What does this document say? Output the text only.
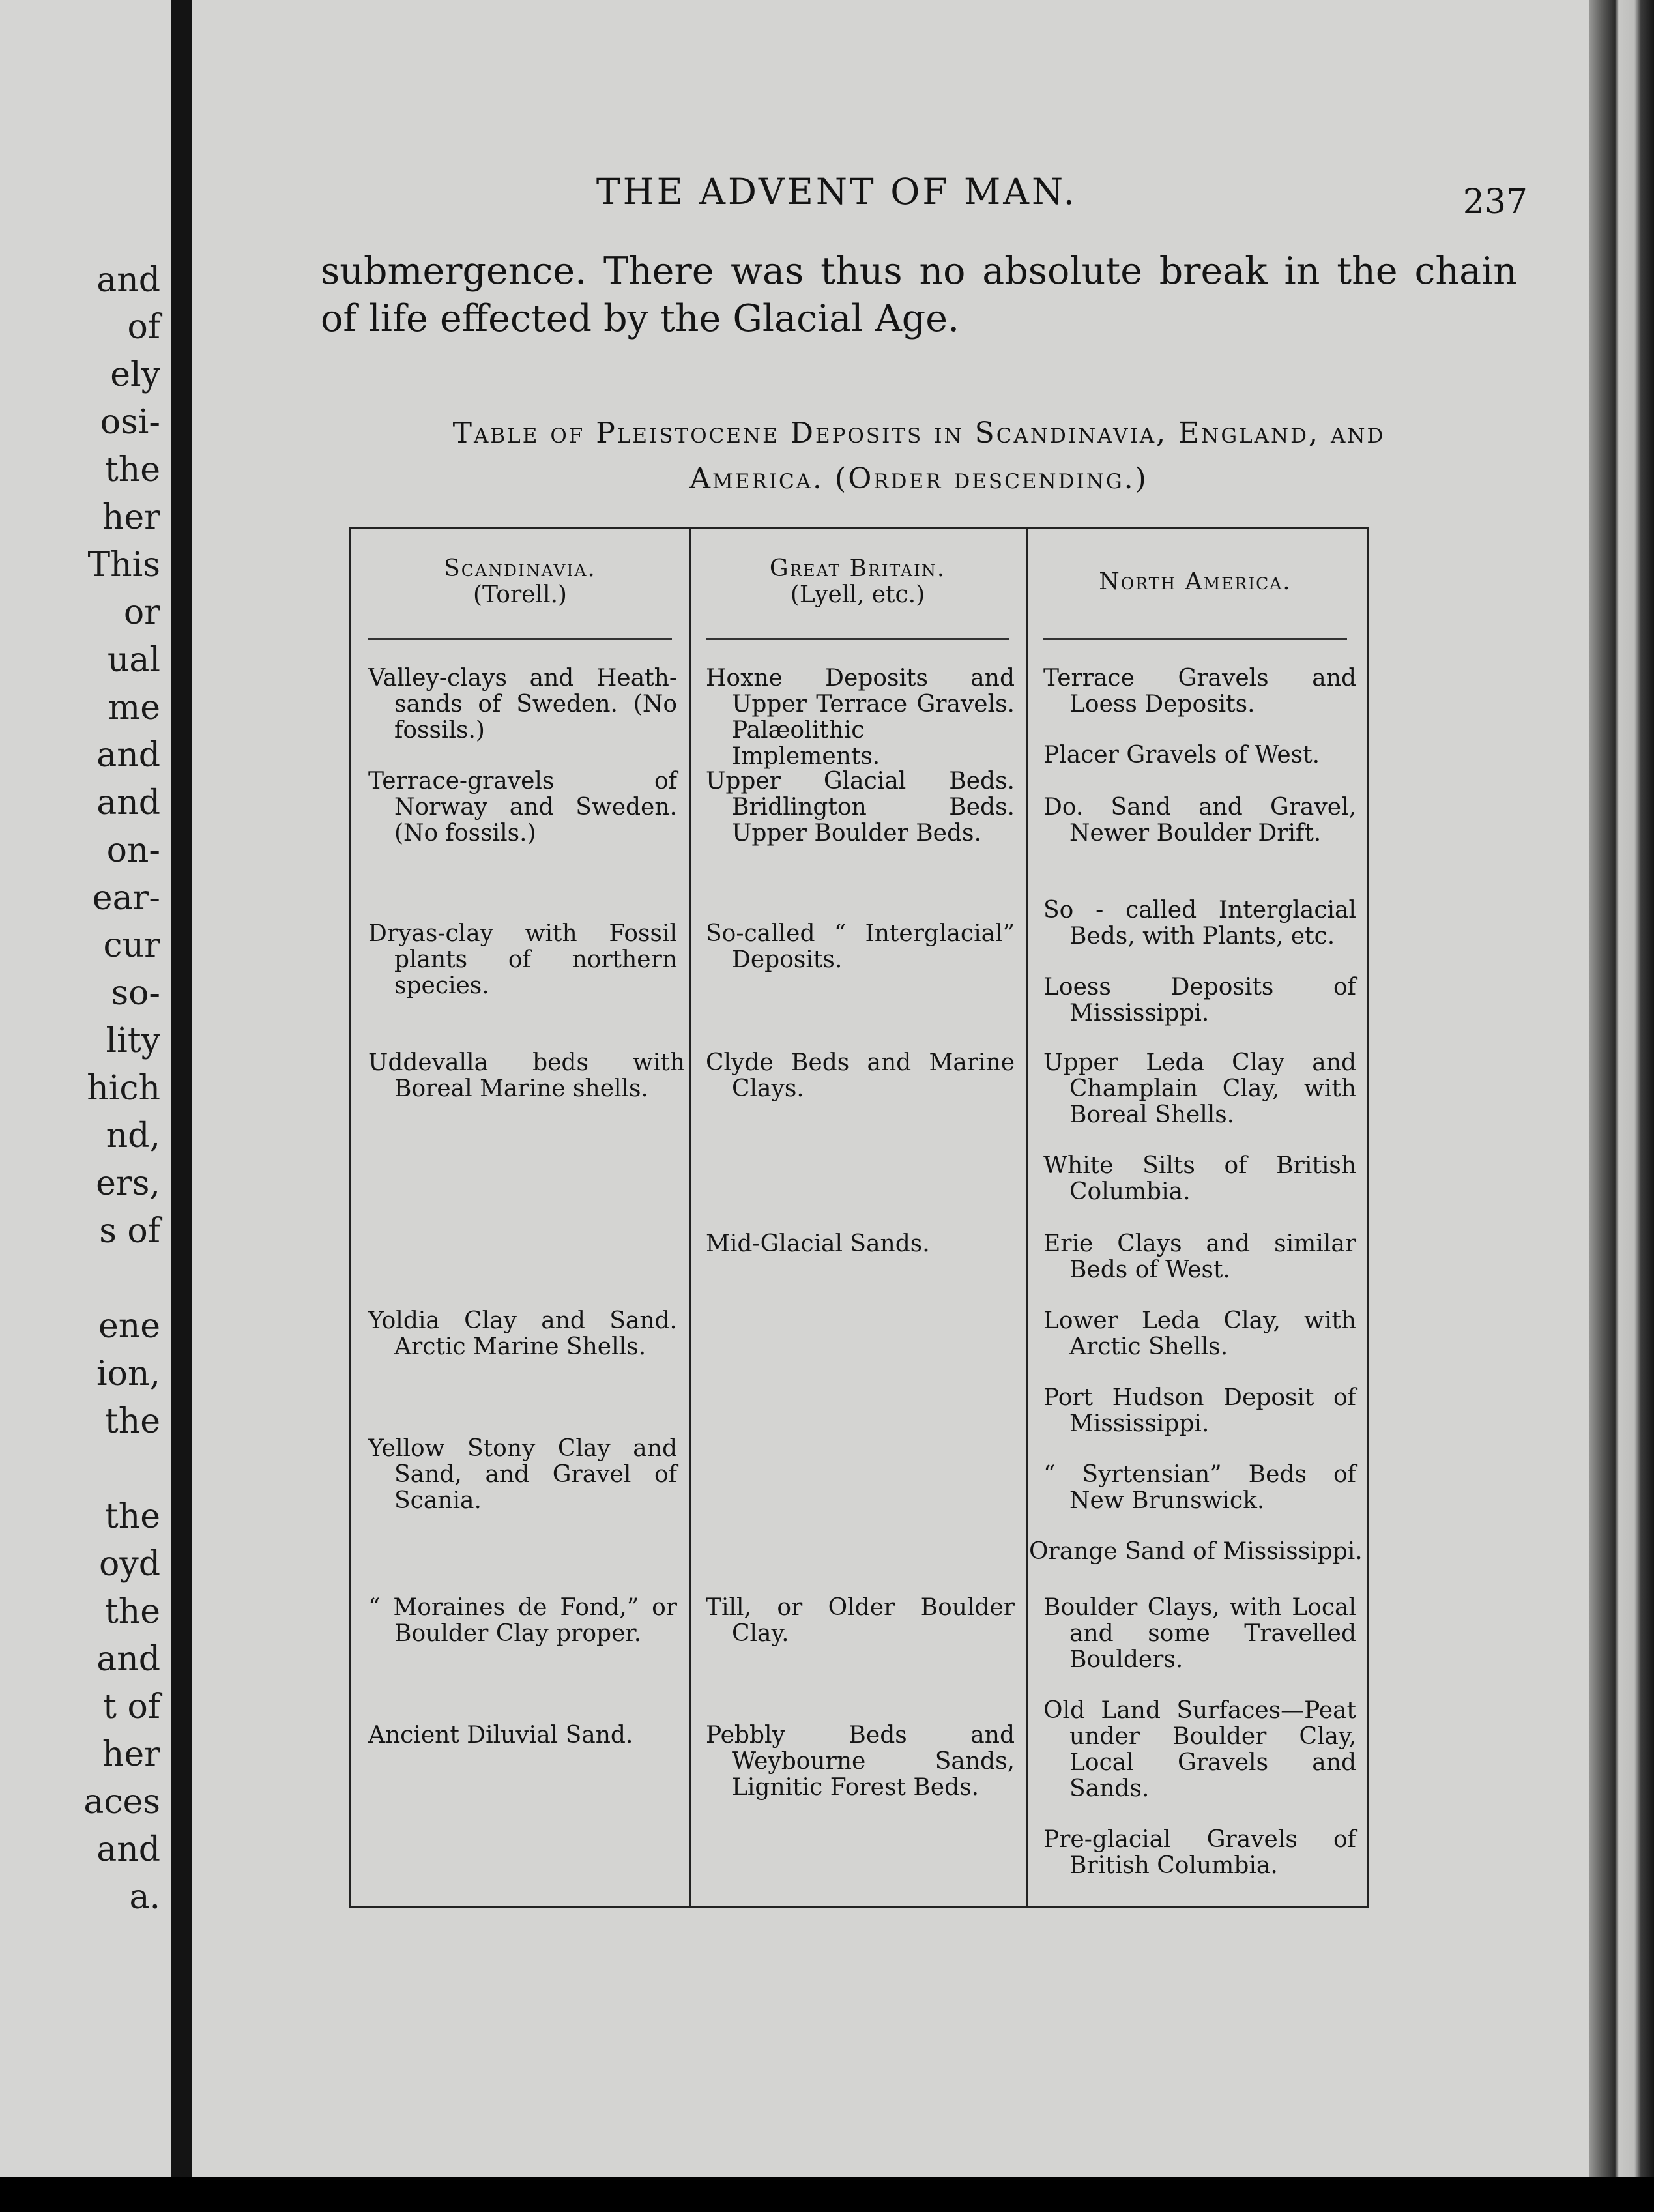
and
of
ely
osi-
the
her
This
or
ual
me
and
and
on-
ear-
cur
so-
lity
hich
nd,
ers,
s of
ene
ion,
the
the
oyd
the
and
t of
her
aces
and
a.
THE ADVENT OF MAN.	237
submergence. There was thus no absolute break in the chain of life effected by the Glacial Age.
Table of Pleistocene Deposits in Scandinavia, England, and
America. (Order descending.)
Scandinavia.
(Torell.)
Great Britain.
(Lyell, etc.)	North America.
Valley-clays and Heath-sands of Sweden. (No fossils.)
Terrace-gravels of Norway and Sweden. (No fossils.)
Dryas-clay with Fossil plants of northern species.
Uddevalla beds with Boreal Marine shells.
Yoldia Clay and Sand. Arctic Marine Shells.
Yellow Stony Clay and Sand, and Gravel of Scania.
“ Moraines de Fond,” or Boulder Clay proper.
Ancient Diluvial Sand.
Hoxne Deposits and Upper Terrace Gravels. Palæolithic Implements.
Upper Glacial Beds. Bridlington Beds. Upper Boulder Beds.
So-called “ Interglacial” Deposits.
Clyde Beds and Marine Clays.
Mid-Glacial Sands.
Till, or Older Boulder Clay.
Pebbly Beds and Weybourne Sands, Lignitic Forest Beds.
Terrace Gravels and Loess Deposits.
Placer Gravels of West.
Do. Sand and Gravel, Newer Boulder Drift.
So - called Interglacial Beds, with Plants, etc.
Loess Deposits of Mississippi.
Upper Leda Clay and Champlain Clay, with Boreal Shells.
White Silts of British Columbia.
Erie Clays and similar Beds of West.
Lower Leda Clay, with Arctic Shells.
Port Hudson Deposit of Mississippi.
“ Syrtensian” Beds of New Brunswick.
Orange Sand of Mississippi.
Boulder Clays, with Local and some Travelled Boulders.
Old Land Surfaces—Peat under Boulder Clay, Local Gravels and Sands.
Pre-glacial Gravels of British Columbia.
